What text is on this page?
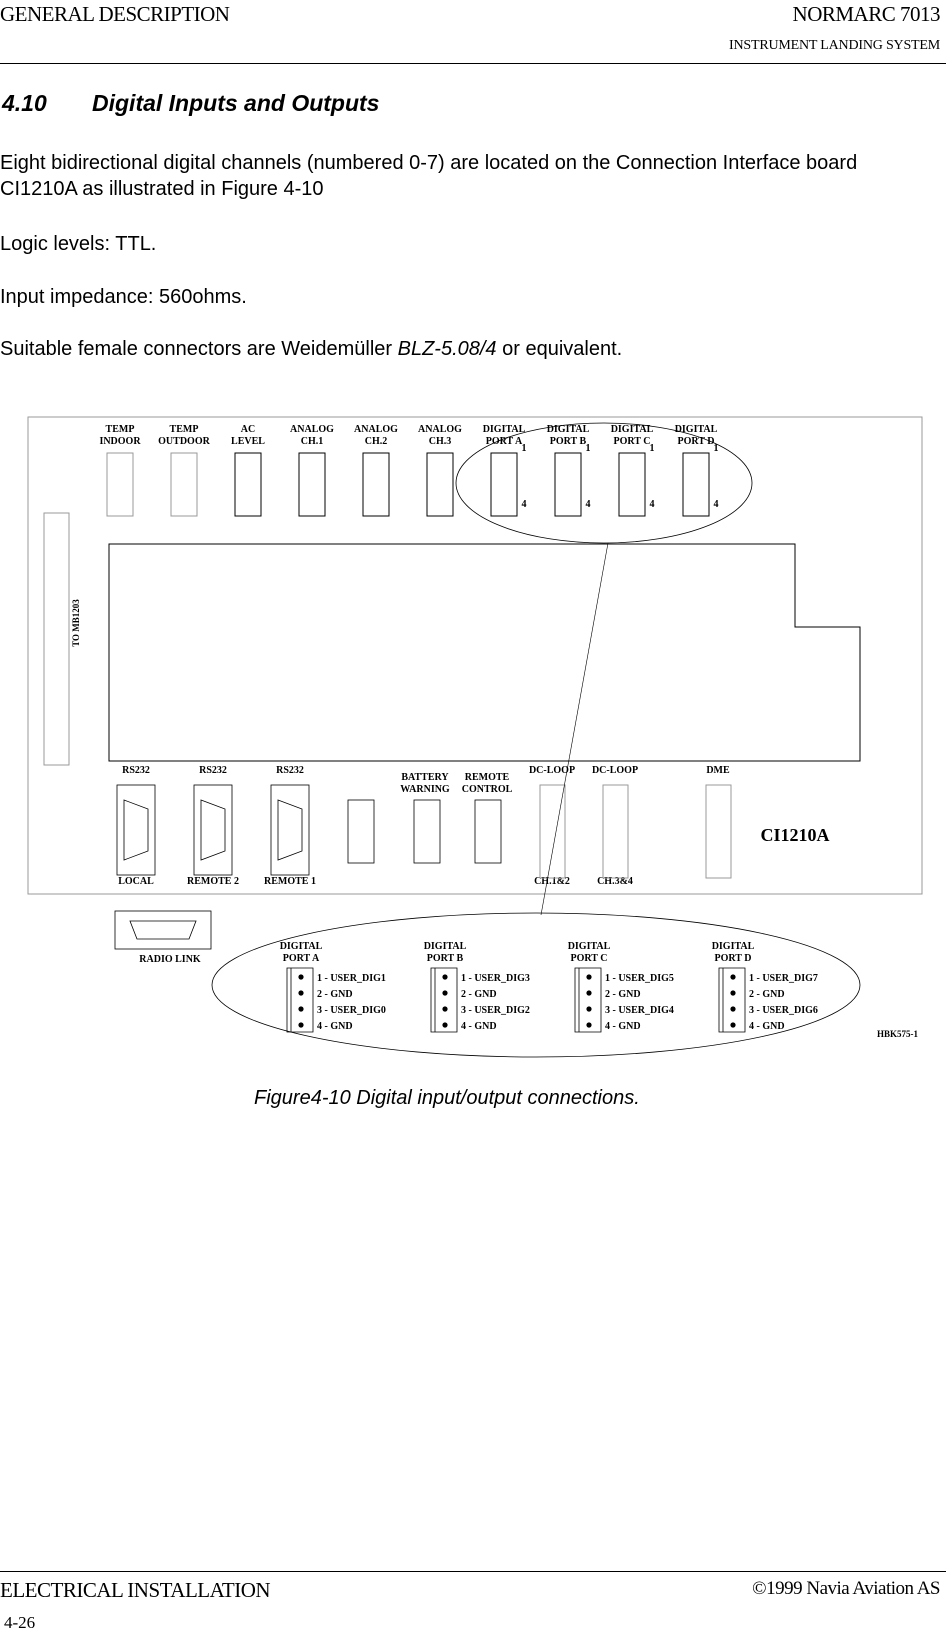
GENERAL DESCRIPTION	NORMARC 7013
INSTRUMENT LANDING SYSTEM
4.10 Digital Inputs and Outputs
Eight bidirectional digital channels (numbered 0-7) are located on the Connection Interface board CI1210A as illustrated in Figure 4-10
Logic levels: TTL.
Input impedance: 560ohms.
Suitable female connectors are Weidemüller BLZ-5.08/4 or equivalent.
TEMP
INDOOR
TEMP
OUTDOOR
AC
LEVEL
ANALOG
CH.1
ANALOG
CH.2
ANALOG
CH.3
DIGITAL
PORT A
DIGITAL
PORT B
DIGITAL
PORT C
DIGITAL
PORT D
1
4
1
4
1
4
1
4
TO MB1203
RS232	RS232	RS232
BATTERY
WARNING
REMOTE
CONTROL
DC-LOOP DC-LOOP	DME
LOCAL	REMOTE 2	REMOTE 1	CH.1&2	CH.3&4
CI1210A
RADIO LINK
DIGITAL
PORT A
DIGITAL
PORT B
DIGITAL
PORT C
DIGITAL
PORT D
1 - USER_DIG1
2 - GND
3 - USER_DIG0
4 - GND
1 - USER_DIG3
2 - GND
3 - USER_DIG2
4 - GND
1 - USER_DIG5
2 - GND
3 - USER_DIG4
4 - GND
1 - USER_DIG7
2 - GND
3 - USER_DIG6
4 - GND
HBK575-1
Figure4-10 Digital input/output connections.
ELECTRICAL INSTALLATION	©1999 Navia Aviation AS
4-26
